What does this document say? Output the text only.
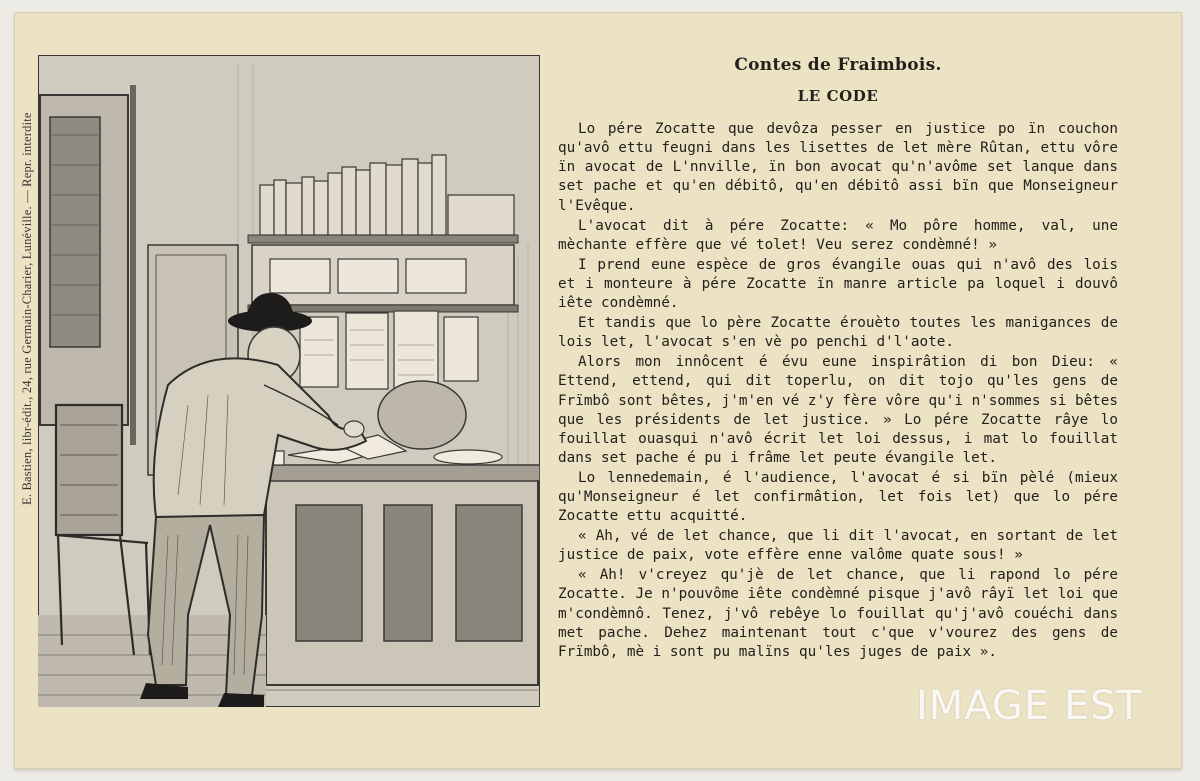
E. Bastien, libr-édit., 24, rue Germain-Charier, Lunéville. — Repr. interdite
Contes de Fraimbois.
LE CODE

Lo pére Zocatte que devôza pesser en justice po ïn couchon qu'avô ettu feugni dans les lisettes de let mère Rûtan, ettu vôre ïn avocat de L'nnville, ïn bon avocat qu'n'avôme set lanque dans set pache et qu'en débitô, qu'en débitô assi bïn que Monseigneur l'Evêque.

L'avocat dit à pére Zocatte: « Mo pôre homme, val, une mèchante effère que vé tolet! Veu serez condèmné! »

I prend eune espèce de gros évangile ouas qui n'avô des lois et i monteure à pére Zocatte ïn manre article pa loquel i douvô iête condèmné.

Et tandis que lo père Zocatte érouèto toutes les manigances de lois let, l'avocat s'en vè po penchi d'l'aote.

Alors mon innôcent é évu eune inspirâtion di bon Dieu: « Ettend, ettend, qui dit toperlu, on dit tojo qu'les gens de Frïmbô sont bêtes, j'm'en vé z'y fère vôre qu'i n'sommes si bêtes que les présidents de let justice. » Lo pére Zocatte râye lo fouillat ouasqui n'avô écrit let loi dessus, i mat lo fouillat dans set pache é pu i frâme let peute évangile let.

Lo lennedemain, é l'audience, l'avocat é si bïn pèlé (mieux qu'Monseigneur é let confirmâtion, let fois let) que lo pére Zocatte ettu acquitté.

« Ah, vé de let chance, que li dit l'avocat, en sortant de let justice de paix, vote effère enne valôme quate sous! »

« Ah! v'creyez qu'jè de let chance, que li rapond lo pére Zocatte. Je n'pouvôme iête condèmné pisque j'avô râyï let loi que m'condèmnô. Tenez, j'vô rebêye lo fouillat qu'j'avô couéchi dans met pache. Dehez maintenant tout c'que v'vourez des gens de Frïmbô, mè i sont pu malïns qu'les juges de paix ».

IMAGE EST
